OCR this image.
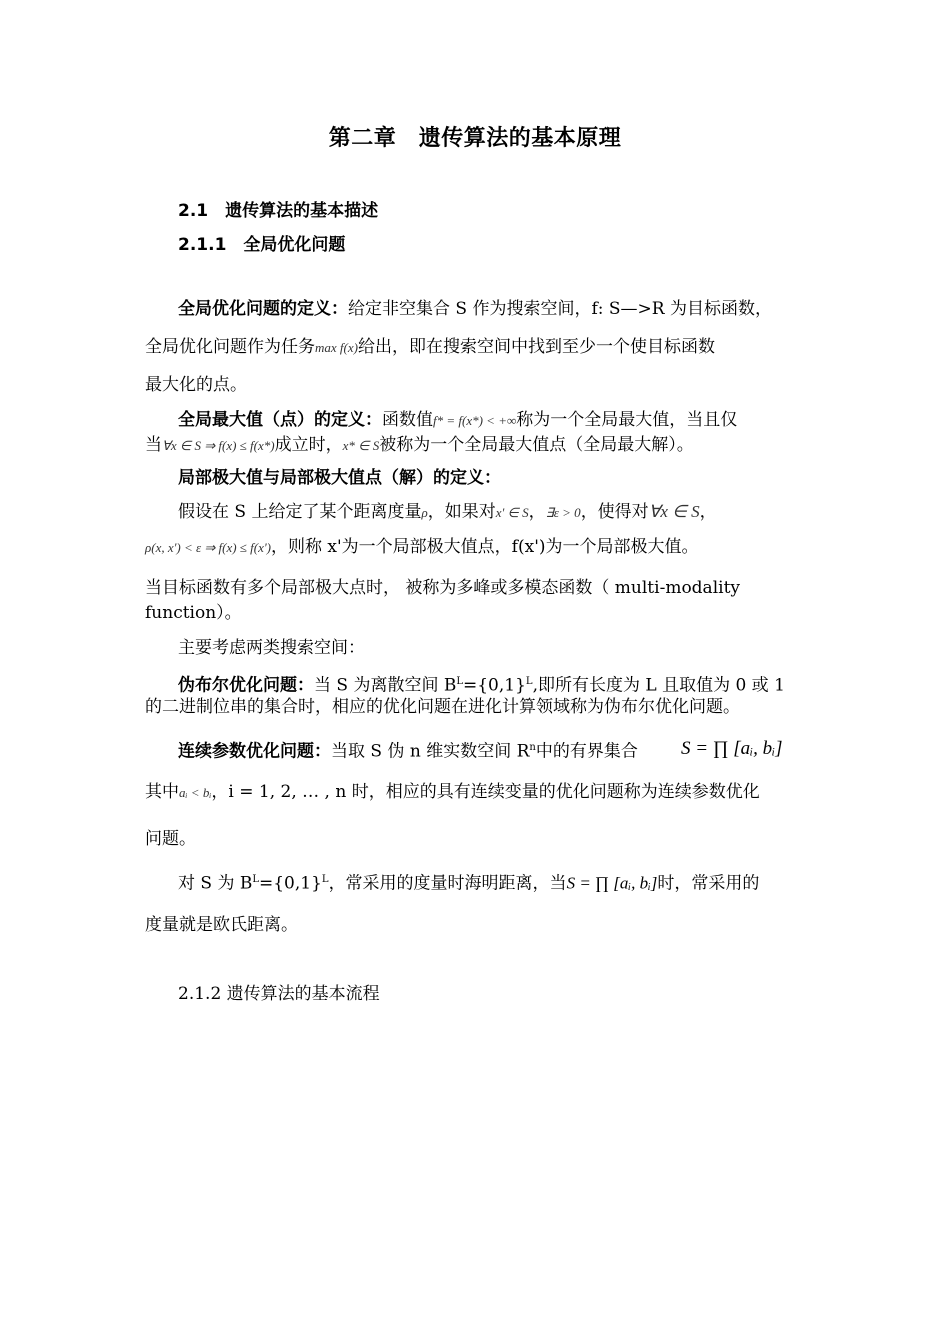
第二章　遗传算法的基本原理
2.1　遗传算法的基本描述
2.1.1　全局优化问题
全局优化问题的定义：给定非空集合 S 作为搜索空间，f: S—>R 为目标函数，
全局优化问题作为任务max f(x)给出，即在搜索空间中找到至少一个使目标函数
最大化的点。
全局最大值（点）的定义：函数值f* = f(x*) < +∞称为一个全局最大值，当且仅
当∀x ∈ S ⇒ f(x) ≤ f(x*)成立时，x* ∈ S被称为一个全局最大值点（全局最大解）。
局部极大值与局部极大值点（解）的定义：
假设在 S 上给定了某个距离度量ρ，如果对x' ∈ S，∃ε > 0，使得对∀x ∈ S，
ρ(x, x') < ε ⇒ f(x) ≤ f(x')，则称 x'为一个局部极大值点，f(x')为一个局部极大值。
当目标函数有多个局部极大点时， 被称为多峰或多模态函数（ multi-modality
function）。
主要考虑两类搜索空间：
伪布尔优化问题：当 S 为离散空间 $B^L=\{0,1\}^L$,即所有长度为 L 且取值为 0 或 1
的二进制位串的集合时，相应的优化问题在进化计算领域称为伪布尔优化问题。
连续参数优化问题：当取 S 伪 n 维实数空间 $R^n$中的有界集合	S = ∏ [aᵢ, bᵢ]
其中aᵢ < bᵢ，i = 1, 2, … , n 时，相应的具有连续变量的优化问题称为连续参数优化
问题。
对 S 为 $B^L=\{0,1\}^L$，常采用的度量时海明距离，当S = ∏ [aᵢ, bᵢ]时，常采用的
度量就是欧氏距离。
2.1.2 遗传算法的基本流程
